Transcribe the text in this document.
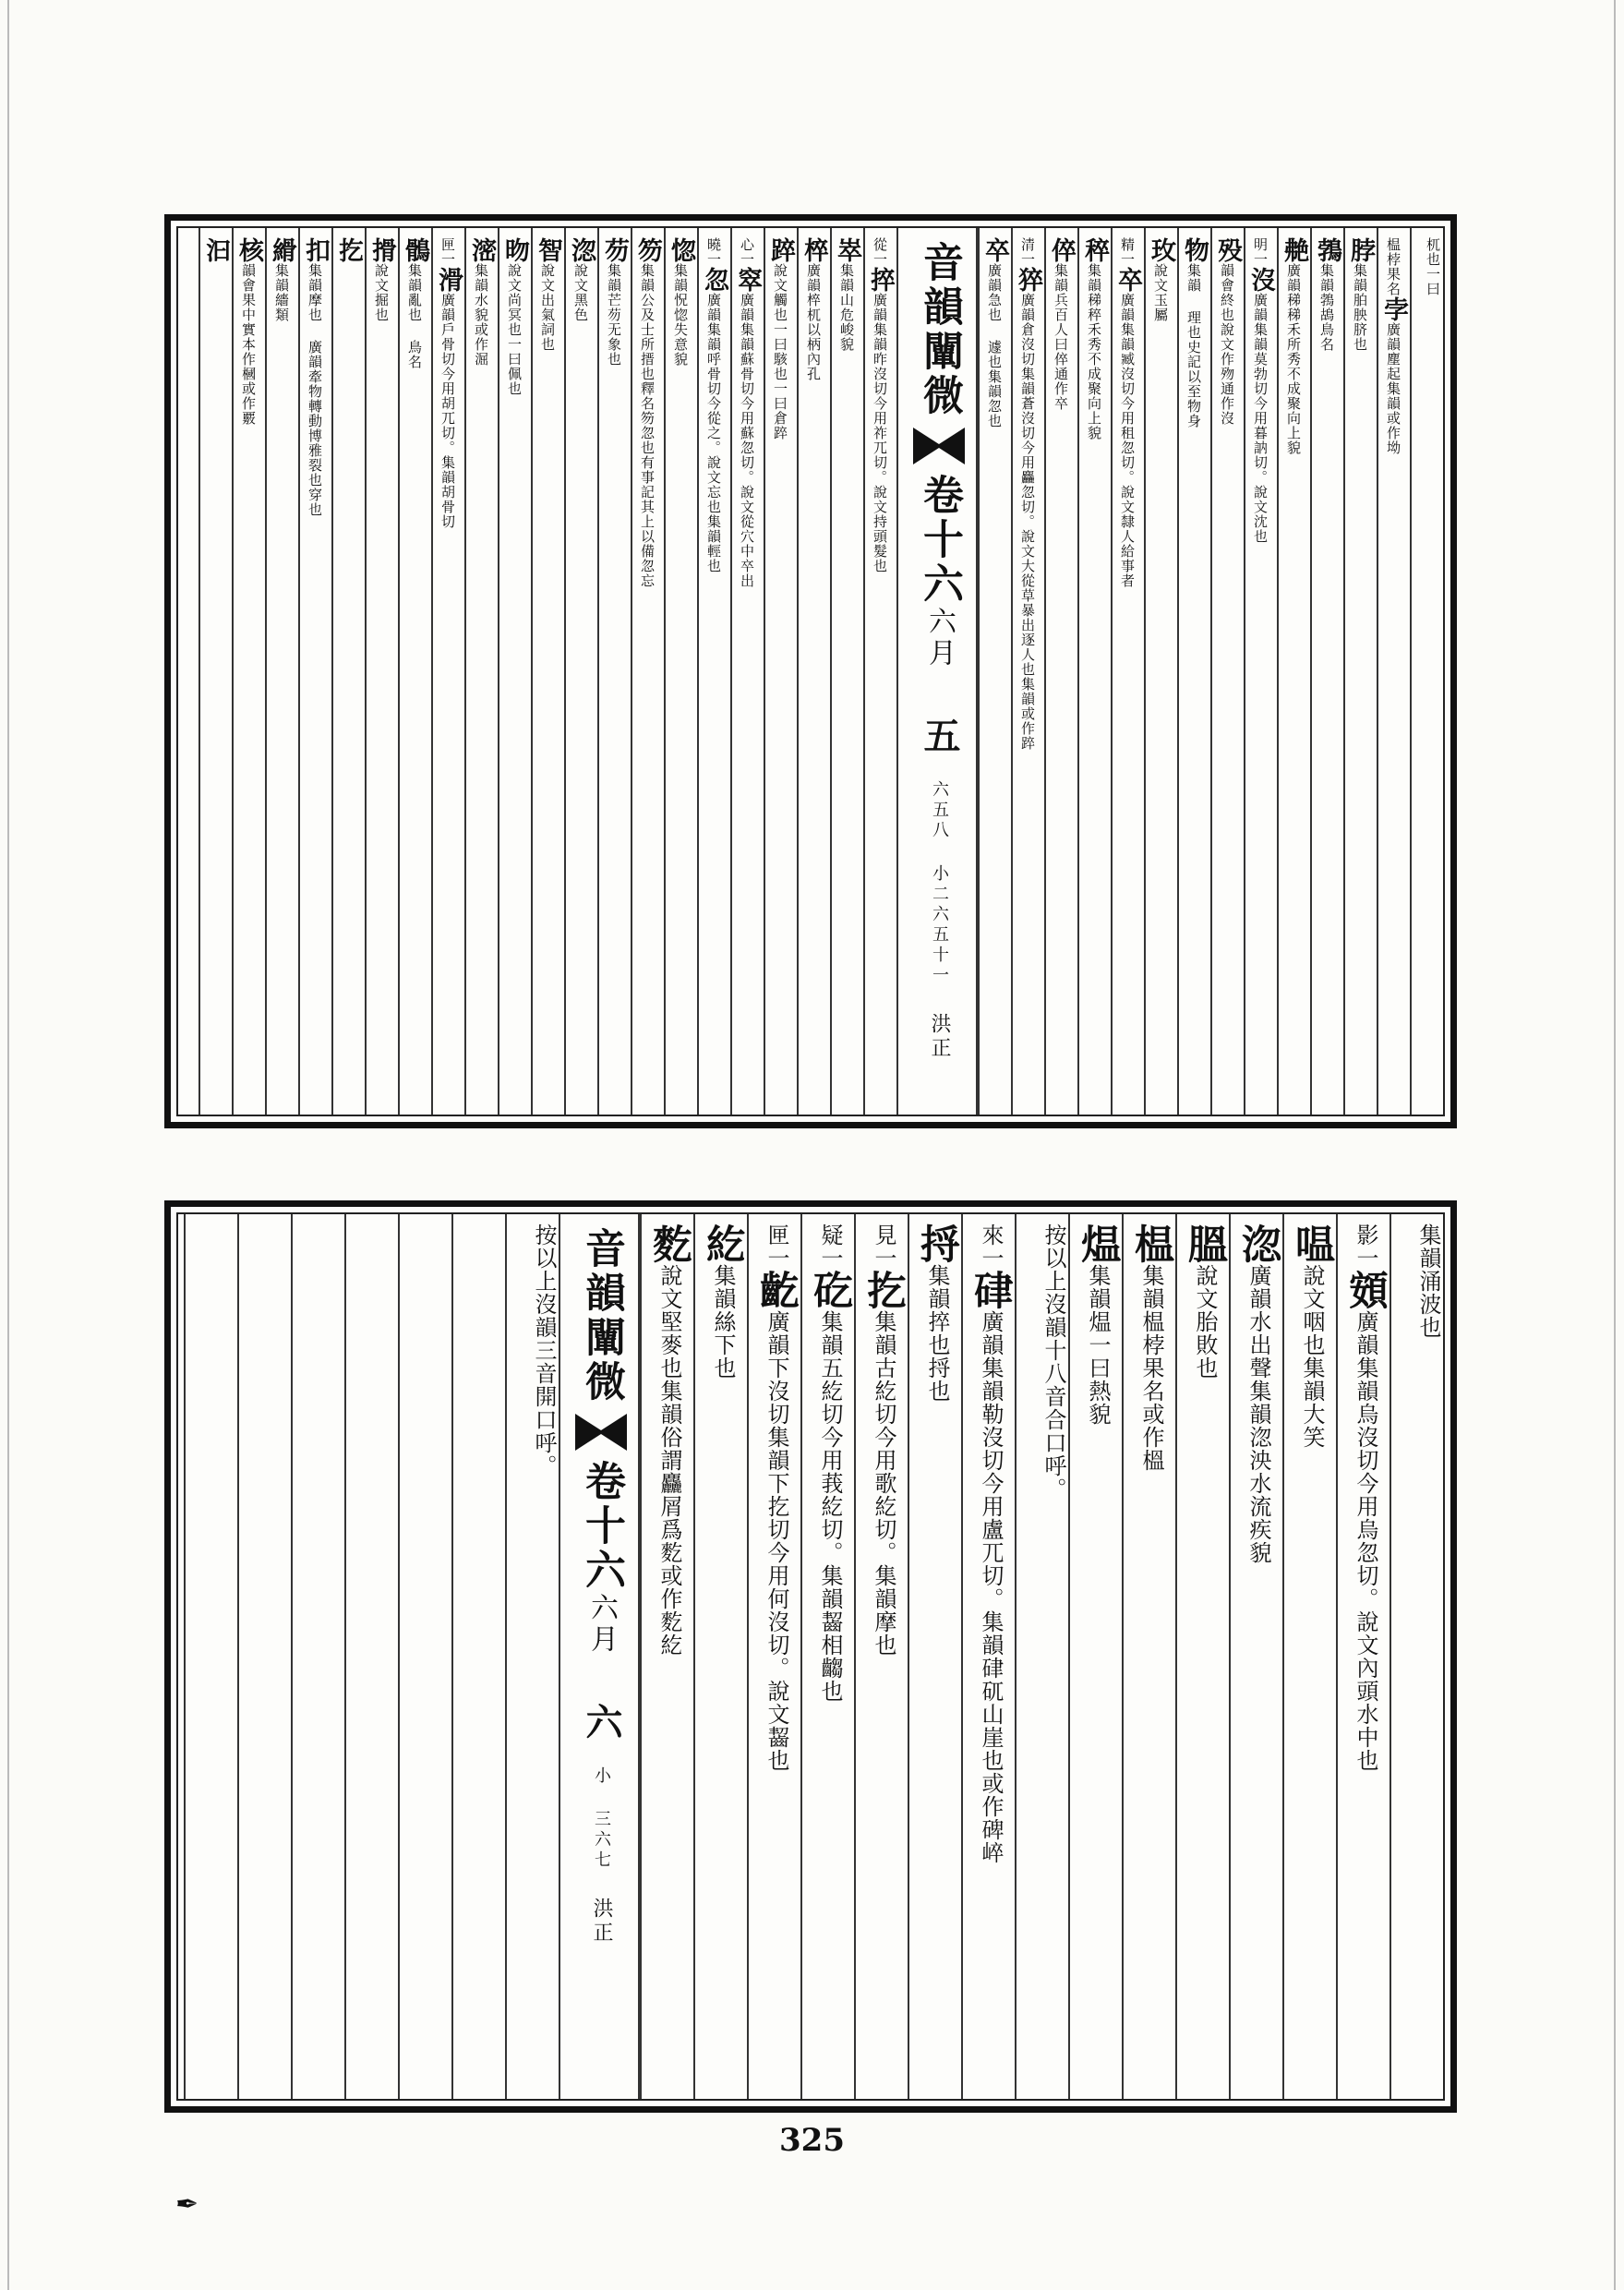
杌也一曰
榅桲果名孛廣韻塵起集韻或作坳
脖集韻胉胦脐也
鵓集韻鵓鴣鳥名
艴廣韻稊稊禾所秀不成聚向上貌
明一沒廣韻集韻莫勃切今用暮訥切。說文沈也
殁韻會終也說文作歾通作沒
物集韻 理也史記以至物身
玫說文玉屬
精一卒廣韻集韻臧沒切今用租忽切。說文隸人給事者
稡集韻稊稡禾秀不成聚向上貌
倅集韻兵百人曰倅通作卒
清一猝廣韻倉沒切集韻蒼沒切今用麤忽切。說文大從草暴出逐人也集韻或作踤
卒廣韻急也 遽也集韻忽也
音韻闡微卷十六六月 五 六五八 小二六五十一 洪正
從一捽廣韻集韻昨沒切今用祚兀切。說文持頭髮也
崒集韻山危峻貌
椊廣韻椊杌以柄內孔
踤說文觸也一曰駭也一曰倉踤
心一窣廣韻集韻蘇骨切今用蘇忽切。說文從穴中卒出
曉一忽廣韻集韻呼骨切今從之。說文忘也集韻輕也
惚集韻怳惚失意貌
笏集韻公及士所搢也釋名笏忽也有事記其上以備忽忘
芴集韻芒芴无象也
淴說文黑色
智說文出氣詞也
昒說文尚冥也一曰佩也
滵集韻水貌或作淈
匣一滑廣韻戶骨切今用胡兀切。集韻胡骨切
鶻集韻亂也 鳥名
搰說文掘也
扢
扣集韻摩也 廣韻牽物轉動博雅裂也穿也
縎集韻繬類
核韻會果中實本作槶或作覈
汩
集韻涌波也
影一頞廣韻集韻烏沒切今用烏忽切。說文內頭水中也
嗢說文咽也集韻大笑
淴廣韻水出聲集韻淴泱水流疾貌
膃說文胎敗也
榅集韻榅桲果名或作榲
煴集韻煴一曰熱貌
按以上沒韻十八音合口呼。
來一硉廣韻集韻勒沒切今用盧兀切。集韻硉矹山崖也或作碑崪
捋集韻捽也捋也
見一扢集韻古紇切今用歌紇切。集韻摩也
疑一矻集韻五紇切今用莪紇切。集韻齧相齺也
匣一齕廣韻下沒切集韻下扢切今用何沒切。說文齧也
紇集韻絲下也
麧說文堅麥也集韻俗謂麤屑爲麧或作麧紇
音韻闡微卷十六六月 六 小 三六七 洪正
按以上沒韻三音開口呼。
325
✒
